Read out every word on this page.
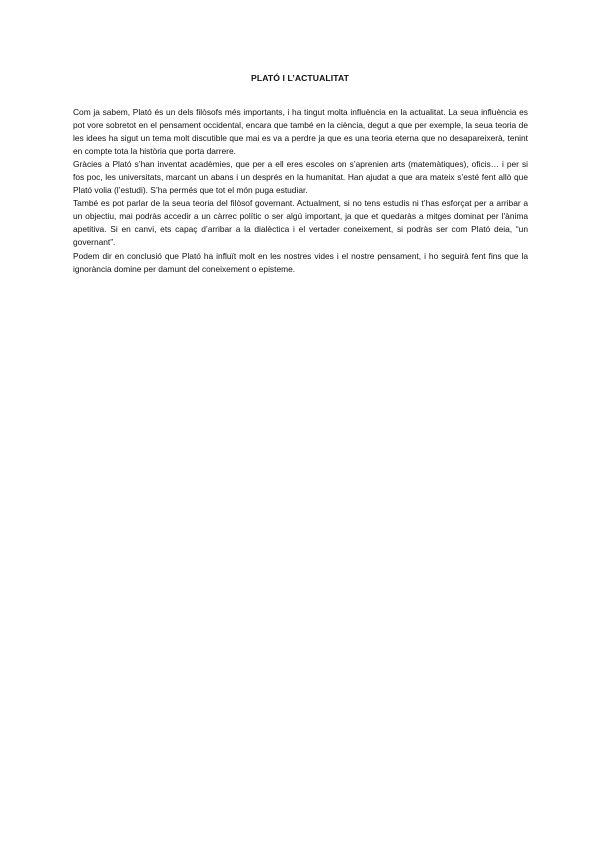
PLATÓ I L’ACTUALITAT

Com ja sabem, Plató és un dels filòsofs més importants, i ha tingut molta influència en la actualitat. La seua influència es pot vore sobretot en el pensament occidental, encara que també en la ciència, degut a que per exemple, la seua teoria de les idees ha sigut un tema molt discutible que mai es va a perdre ja que es una teoria eterna que no desapareixerà, tenint en compte tota la història que porta darrere.

Gràcies a Plató s’han inventat acadèmies, que per a ell eres escoles on s’aprenien arts (matemàtiques), oficis… i per si fos poc, les universitats, marcant un abans i un després en la humanitat. Han ajudat a que ara mateix s’esté fent allò que Plató volia (l’estudi). S’ha permés que tot el món puga estudiar.

També es pot parlar de la seua teoria del filòsof governant. Actualment, si no tens estudis ni t’has esforçat per a arribar a un objectiu, mai podràs accedir a un càrrec polític o ser algú important, ja que et quedaràs a mitges dominat per l’ànima apetitiva. Si en canvi, ets capaç d’arribar a la dialèctica i el vertader coneixement, si podràs ser com Plató deia, “un governant”.

Podem dir en conclusió que Plató ha influït molt en les nostres vides i el nostre pensament, i ho seguirà fent fins que la ignorància domine per damunt del coneixement o episteme.
